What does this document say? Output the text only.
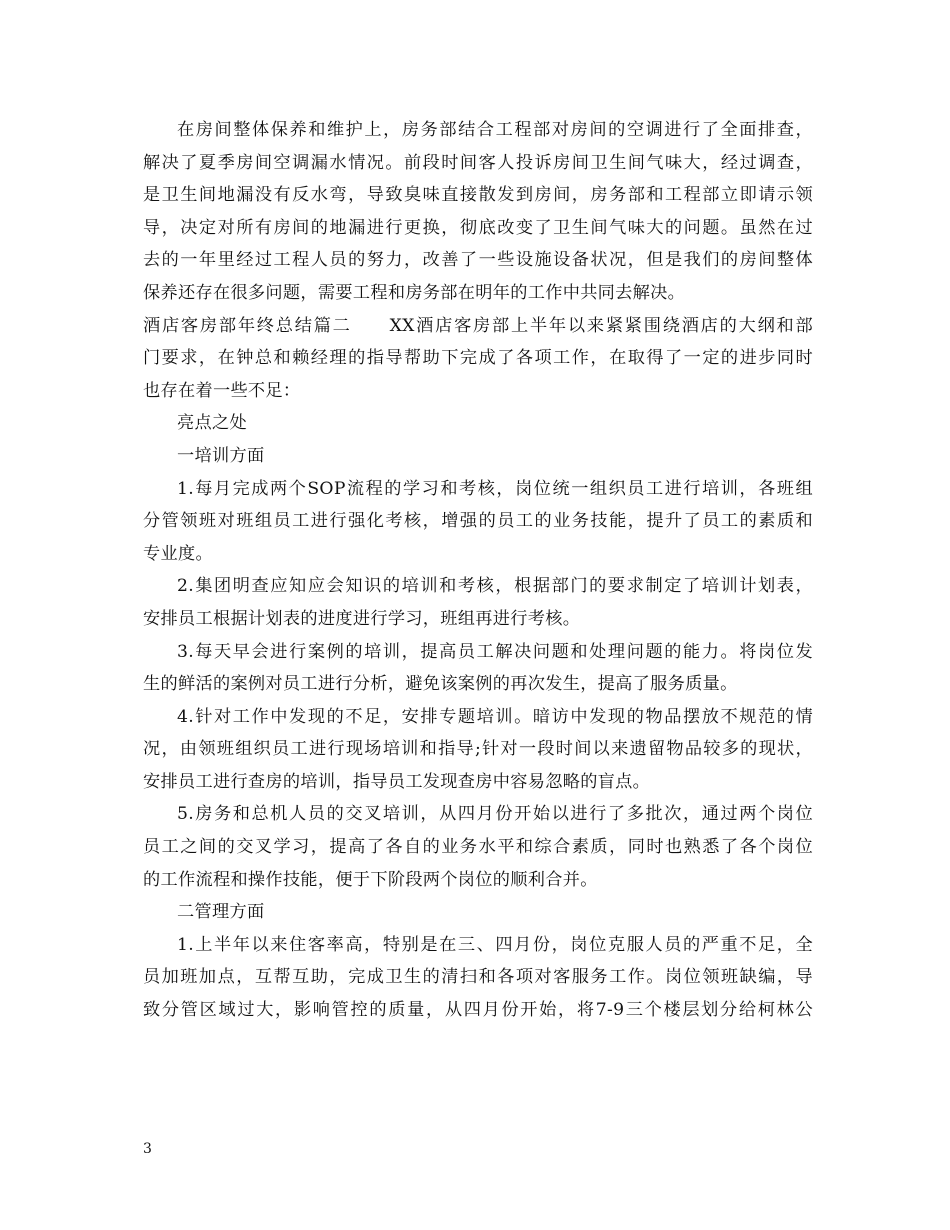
在房间整体保养和维护上，房务部结合工程部对房间的空调进行了全面排查，
解决了夏季房间空调漏水情况。前段时间客人投诉房间卫生间气味大，经过调查，
是卫生间地漏没有反水弯，导致臭味直接散发到房间，房务部和工程部立即请示领
导，决定对所有房间的地漏进行更换，彻底改变了卫生间气味大的问题。虽然在过
去的一年里经过工程人员的努力，改善了一些设施设备状况，但是我们的房间整体
保养还存在很多问题，需要工程和房务部在明年的工作中共同去解决。
酒店客房部年终总结篇二　　XX酒店客房部上半年以来紧紧围绕酒店的大纲和部
门要求，在钟总和赖经理的指导帮助下完成了各项工作，在取得了一定的进步同时
也存在着一些不足：
亮点之处
一培训方面
1.每月完成两个SOP流程的学习和考核，岗位统一组织员工进行培训，各班组
分管领班对班组员工进行强化考核，增强的员工的业务技能，提升了员工的素质和
专业度。
2.集团明查应知应会知识的培训和考核，根据部门的要求制定了培训计划表，
安排员工根据计划表的进度进行学习，班组再进行考核。
3.每天早会进行案例的培训，提高员工解决问题和处理问题的能力。将岗位发
生的鲜活的案例对员工进行分析，避免该案例的再次发生，提高了服务质量。
4.针对工作中发现的不足，安排专题培训。暗访中发现的物品摆放不规范的情
况，由领班组织员工进行现场培训和指导;针对一段时间以来遗留物品较多的现状，
安排员工进行查房的培训，指导员工发现查房中容易忽略的盲点。
5.房务和总机人员的交叉培训，从四月份开始以进行了多批次，通过两个岗位
员工之间的交叉学习，提高了各自的业务水平和综合素质，同时也熟悉了各个岗位
的工作流程和操作技能，便于下阶段两个岗位的顺利合并。
二管理方面
1.上半年以来住客率高，特别是在三、四月份，岗位克服人员的严重不足，全
员加班加点，互帮互助，完成卫生的清扫和各项对客服务工作。岗位领班缺编，导
致分管区域过大，影响管控的质量，从四月份开始，将7-9三个楼层划分给柯林公
3
